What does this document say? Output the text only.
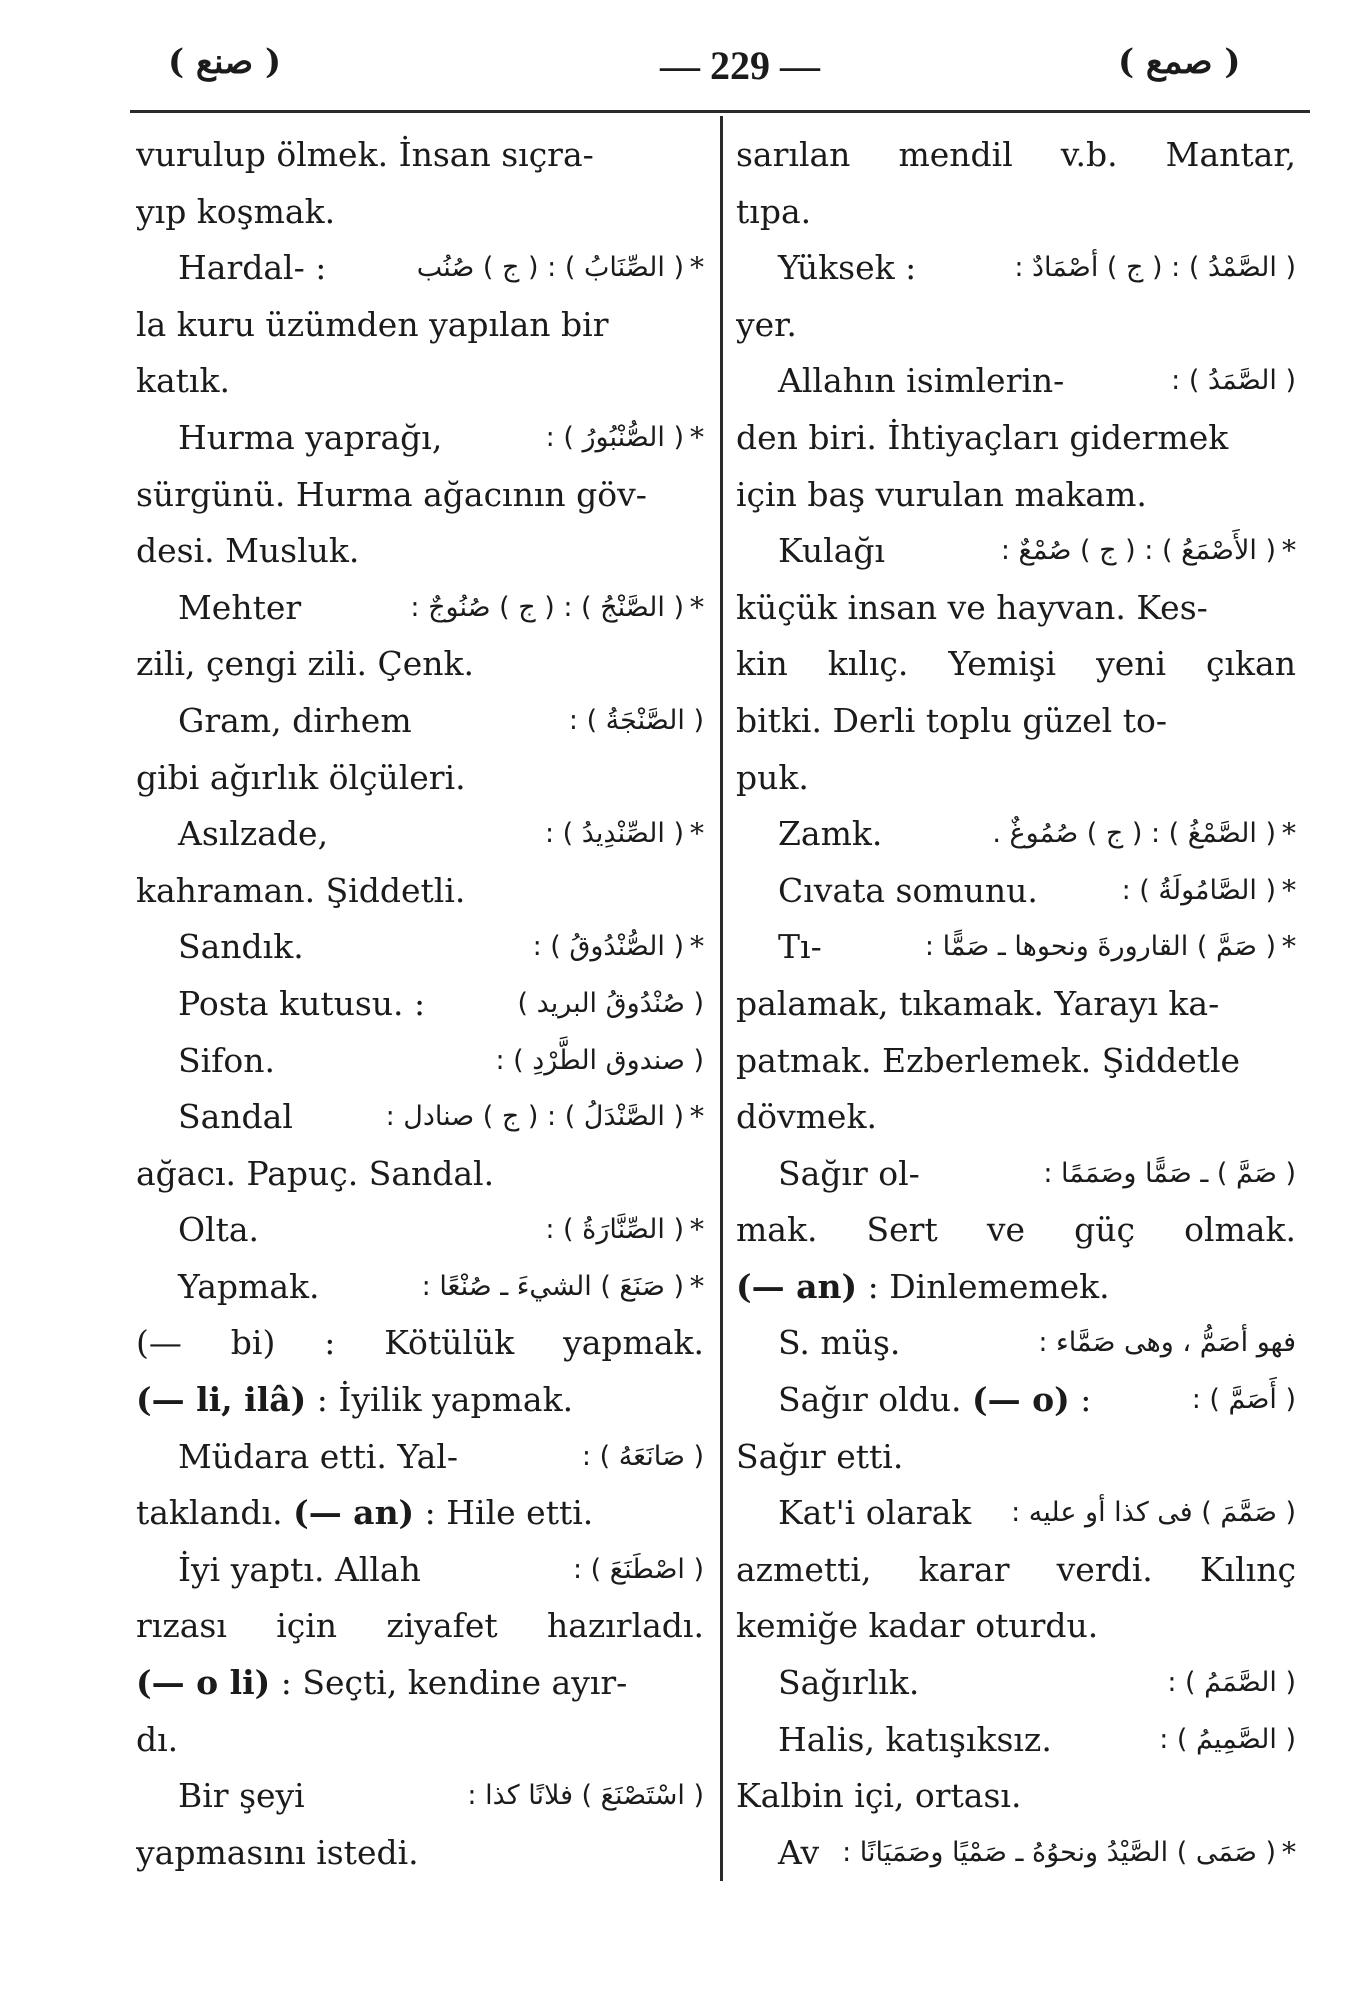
( صنع )	— 229 —	( صمع )
vurulup ölmek. İnsan sıçra-
yıp koşmak.
Hardal- :	( الصِّنَابُ ) : ( ج ) صُنُب *
la kuru üzümden yapılan bir
katık.
Hurma yaprağı,	( الصُّنْبُورُ ) : *
sürgünü. Hurma ağacının göv-
desi. Musluk.
Mehter	( الصَّنْجُ ) : ( ج ) صُنُوجٌ : *
zili, çengi zili. Çenk.
Gram, dirhem	( الصَّنْجَةُ ) :
gibi ağırlık ölçüleri.
Asılzade,	( الصِّنْدِيدُ ) : *
kahraman. Şiddetli.
Sandık.	( الصُّنْدُوقُ ) : *
Posta kutusu. :	( صُنْدُوقُ البريد )
Sifon.	( صندوق الطَّرْدِ ) :
Sandal	( الصَّنْدَلُ ) : ( ج ) صنادل : *
ağacı. Papuç. Sandal.
Olta.	( الصِّنَّارَةُ ) : *
Yapmak.	( صَنَعَ ) الشيءَ ـ صُنْعًا : *
(— bi) : Kötülük yapmak.
(— li, ilâ) : İyilik yapmak.
Müdara etti. Yal-	( صَانَعَهُ ) :
taklandı. (— an) : Hile etti.
İyi yaptı. Allah	( اصْطَنَعَ ) :
rızası için ziyafet hazırladı.
(— o li) : Seçti, kendine ayır-
dı.
Bir şeyi	( اسْتَصْنَعَ ) فلانًا كذا :
yapmasını istedi.
sarılan mendil v.b. Mantar,
tıpa.
Yüksek :	( الصَّمْدُ ) : ( ج ) أصْمَادٌ :
yer.
Allahın isimlerin-	( الصَّمَدُ ) :
den biri. İhtiyaçları gidermek
için baş vurulan makam.
Kulağı	( الأَصْمَعُ ) : ( ج ) صُمْعٌ : *
küçük insan ve hayvan. Kes-
kin kılıç. Yemişi yeni çıkan
bitki. Derli toplu güzel to-
puk.
Zamk.	( الصَّمْغُ ) : ( ج ) صُمُوغٌ . *
Cıvata somunu.	( الصَّامُولَةُ ) : *
Tı-	( صَمَّ ) القارورةَ ونحوها ـ صَمًّا : *
palamak, tıkamak. Yarayı ka-
patmak. Ezberlemek. Şiddetle
dövmek.
Sağır ol-	( صَمَّ ) ـ صَمًّا وصَمَمًا :
mak. Sert ve güç olmak.
(— an) : Dinlememek.
S. müş.	فهو أصَمُّ ، وهى صَمَّاء :
Sağır oldu. (— o) :	( أَصَمَّ ) :
Sağır etti.
Kat'i olarak ( صَمَّمَ ) فى كذا أو عليه :
azmetti, karar verdi. Kılınç
kemiğe kadar oturdu.
Sağırlık.	( الصَّمَمُ ) :
Halis, katışıksız.	( الصَّمِيمُ ) :
Kalbin içi, ortası.
Av ( صَمَى ) الصَّيْدُ ونحوُهُ ـ صَمْيًا وصَمَيَانًا : *
